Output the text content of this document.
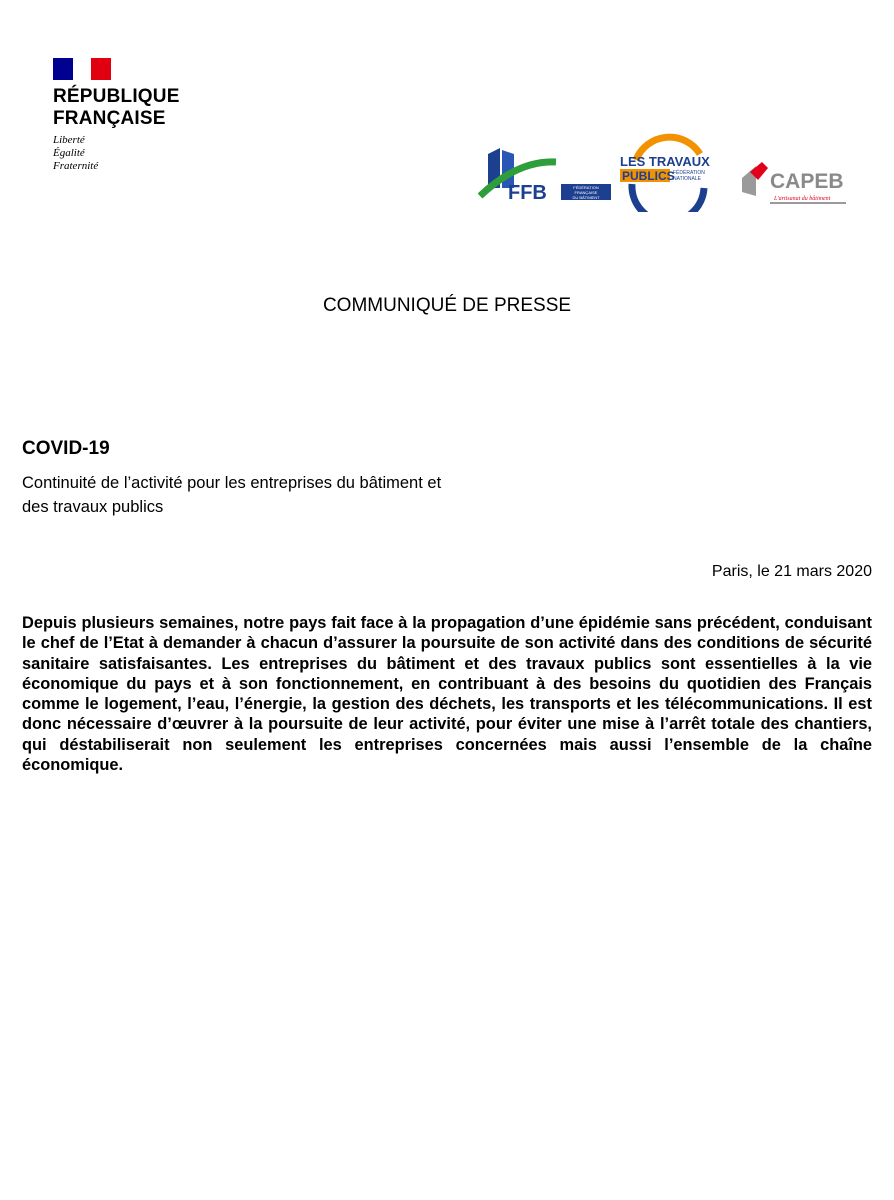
RÉPUBLIQUE
FRANÇAISE
Liberté
Égalité
Fraternité
FFB	FÉDÉRATION
FRANÇAISE
DU BÂTIMENT
LES TRAVAUX
PUBLICS
FÉDÉRATION
NATIONALE	CAPEB
L'artisanat du bâtiment
COMMUNIQUÉ DE PRESSE
COVID-19
Continuité de l’activité pour les entreprises du bâtiment et des travaux publics
Paris, le 21 mars 2020
Depuis plusieurs semaines, notre pays fait face à la propagation d’une épidémie sans précédent, conduisant le chef de l’Etat à demander à chacun d’assurer la poursuite de son activité dans des conditions de sécurité sanitaire satisfaisantes. Les entreprises du bâtiment et des travaux publics sont essentielles à la vie économique du pays et à son fonctionnement, en contribuant à des besoins du quotidien des Français comme le logement, l’eau, l’énergie, la gestion des déchets, les transports et les télécommunications. Il est donc nécessaire d’œuvrer à la poursuite de leur activité, pour éviter une mise à l’arrêt totale des chantiers, qui déstabiliserait non seulement les entreprises concernées mais aussi l’ensemble de la chaîne économique.
